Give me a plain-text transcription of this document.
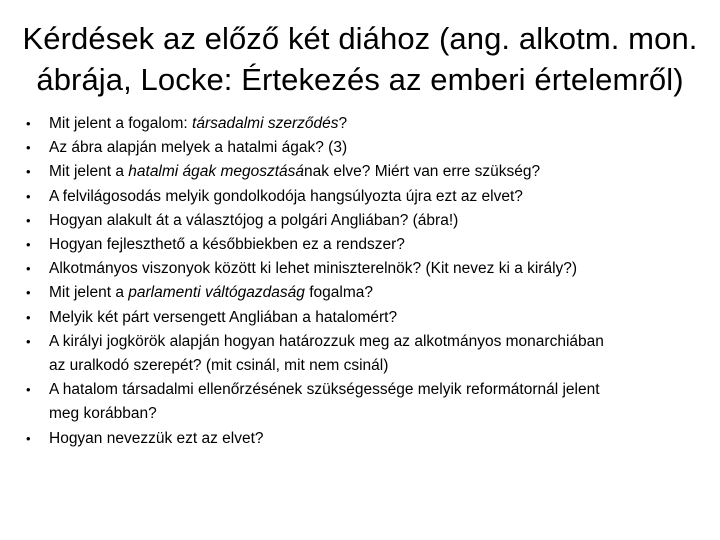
Kérdések az előző két diához (ang. alkotm. mon.
ábrája, Locke: Értekezés az emberi értelemről)
• Mit jelent a fogalom: társadalmi szerződés?
• Az ábra alapján melyek a hatalmi ágak? (3)
• Mit jelent a hatalmi ágak megosztásának elve? Miért van erre szükség?
• A felvilágosodás melyik gondolkodója hangsúlyozta újra ezt az elvet?
• Hogyan alakult át a választójog a polgári Angliában? (ábra!)
• Hogyan fejleszthető a későbbiekben ez a rendszer?
• Alkotmányos viszonyok között ki lehet miniszterelnök? (Kit nevez ki a király?)
• Mit jelent a parlamenti váltógazdaság fogalma?
• Melyik két párt versengett Angliában a hatalomért?
• A királyi jogkörök alapján hogyan határozzuk meg az alkotmányos monarchiában
az uralkodó szerepét? (mit csinál, mit nem csinál)
• A hatalom társadalmi ellenőrzésének szükségessége melyik reformátornál jelent
meg korábban?
• Hogyan nevezzük ezt az elvet?
